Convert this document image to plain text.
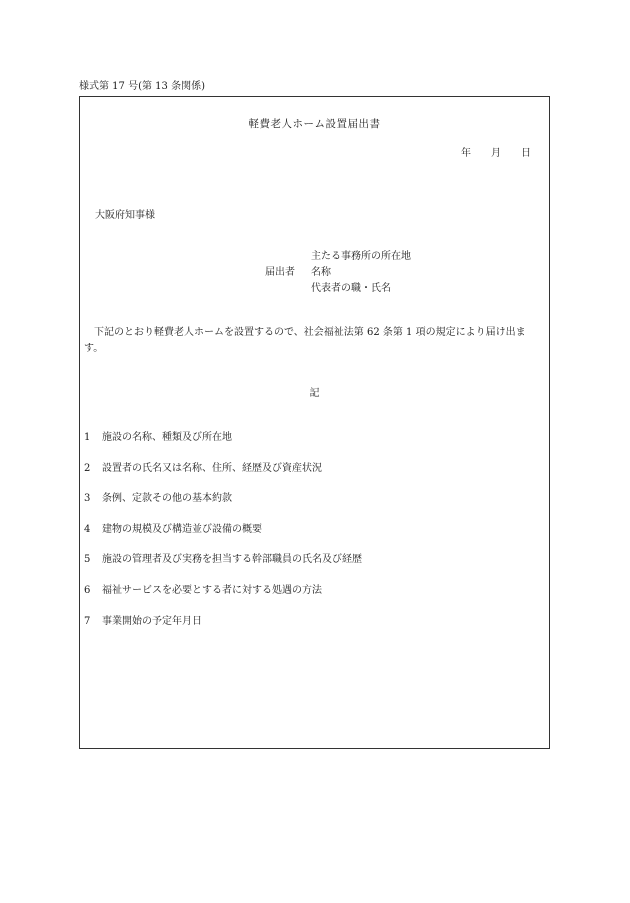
様式第 17 号(第 13 条関係)
軽費老人ホーム設置届出書
年 月 日
大阪府知事様
主たる事務所の所在地
届出者 名称
代表者の職・氏名
下記のとおり軽費老人ホームを設置するので、社会福祉法第 62 条第 1 項の規定により届け出ます。
記
1 施設の名称、種類及び所在地
2 設置者の氏名又は名称、住所、経歴及び資産状況
3 条例、定款その他の基本約款
4 建物の規模及び構造並び設備の概要
5 施設の管理者及び実務を担当する幹部職員の氏名及び経歴
6 福祉サービスを必要とする者に対する処遇の方法
7 事業開始の予定年月日
